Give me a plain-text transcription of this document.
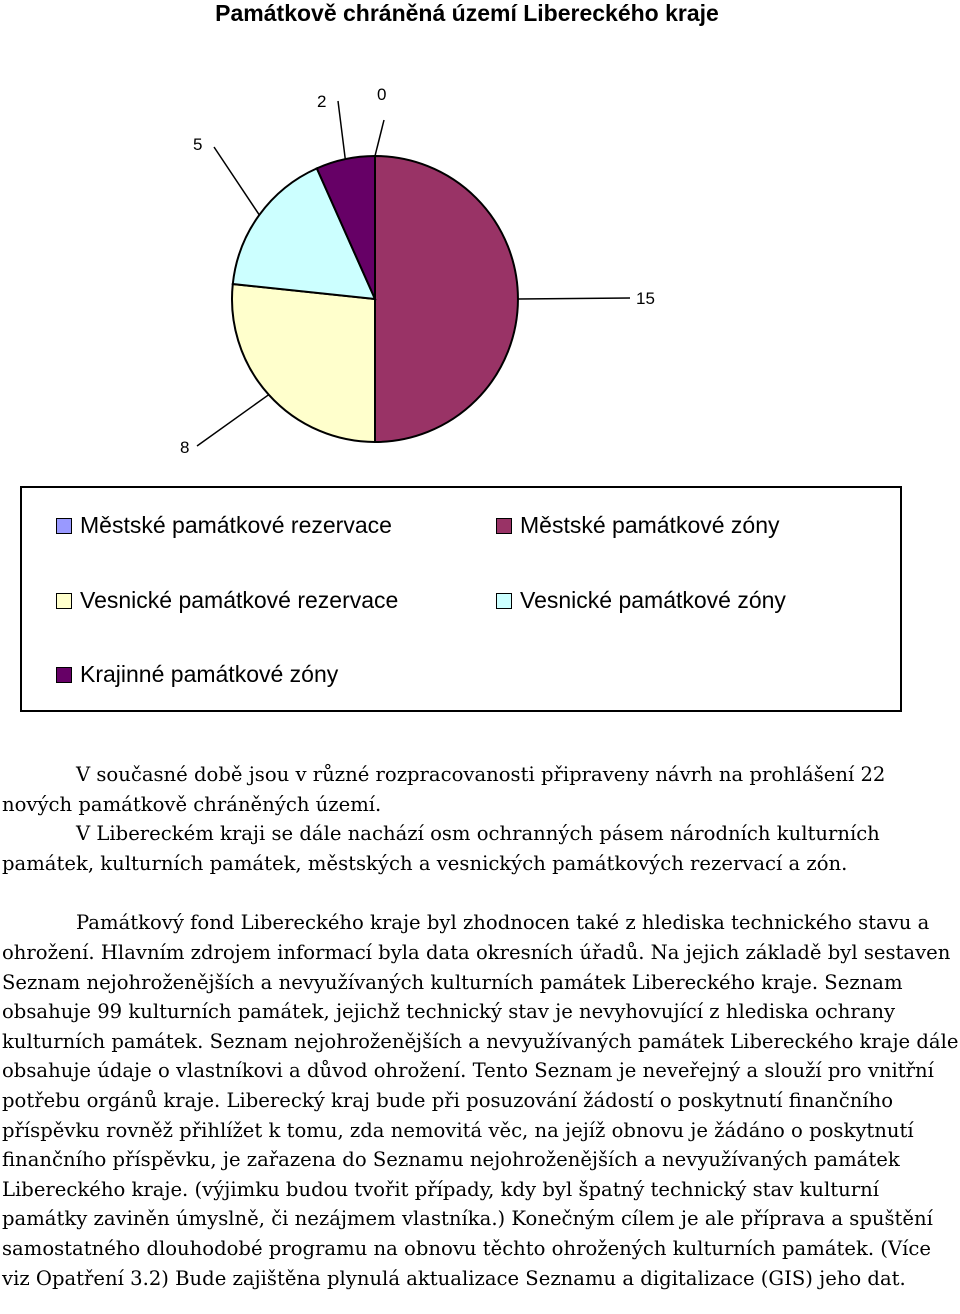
Památkově chráněná území Libereckého kraje
0
15
8
5
2
Městské památkové rezervace	Městské památkové zóny
Vesnické památkové rezervace	Vesnické památkové zóny
Krajinné památkové zóny

V současné době jsou v různé rozpracovanosti připraveny návrh na prohlášení 22 nových památkově chráněných území.

V Libereckém kraji se dále nachází osm ochranných pásem národních kulturních památek, kulturních památek, městských a vesnických památkových rezervací a zón.

Památkový fond Libereckého kraje byl zhodnocen také z hlediska technického stavu a ohrožení. Hlavním zdrojem informací byla data okresních úřadů. Na jejich základě byl sestaven Seznam nejohroženějších a nevyužívaných kulturních památek Libereckého kraje. Seznam obsahuje 99 kulturních památek, jejichž technický stav je nevyhovující z hlediska ochrany kulturních památek. Seznam nejohroženějších a nevyužívaných památek Libereckého kraje dále obsahuje údaje o vlastníkovi a důvod ohrožení. Tento Seznam je neveřejný a slouží pro vnitřní potřebu orgánů kraje. Liberecký kraj bude při posuzování žádostí o poskytnutí finančního příspěvku rovněž přihlížet k tomu, zda nemovitá věc, na jejíž obnovu je žádáno o poskytnutí finančního příspěvku, je zařazena do Seznamu nejohroženějších a nevyužívaných památek Libereckého kraje. (výjimku budou tvořit případy, kdy byl špatný technický stav kulturní památky zaviněn úmyslně, či nezájmem vlastníka.) Konečným cílem je ale příprava a spuštění samostatného dlouhodobé programu na obnovu těchto ohrožených kulturních památek. (Více viz Opatření 3.2) Bude zajištěna plynulá aktualizace Seznamu a digitalizace (GIS) jeho dat.
